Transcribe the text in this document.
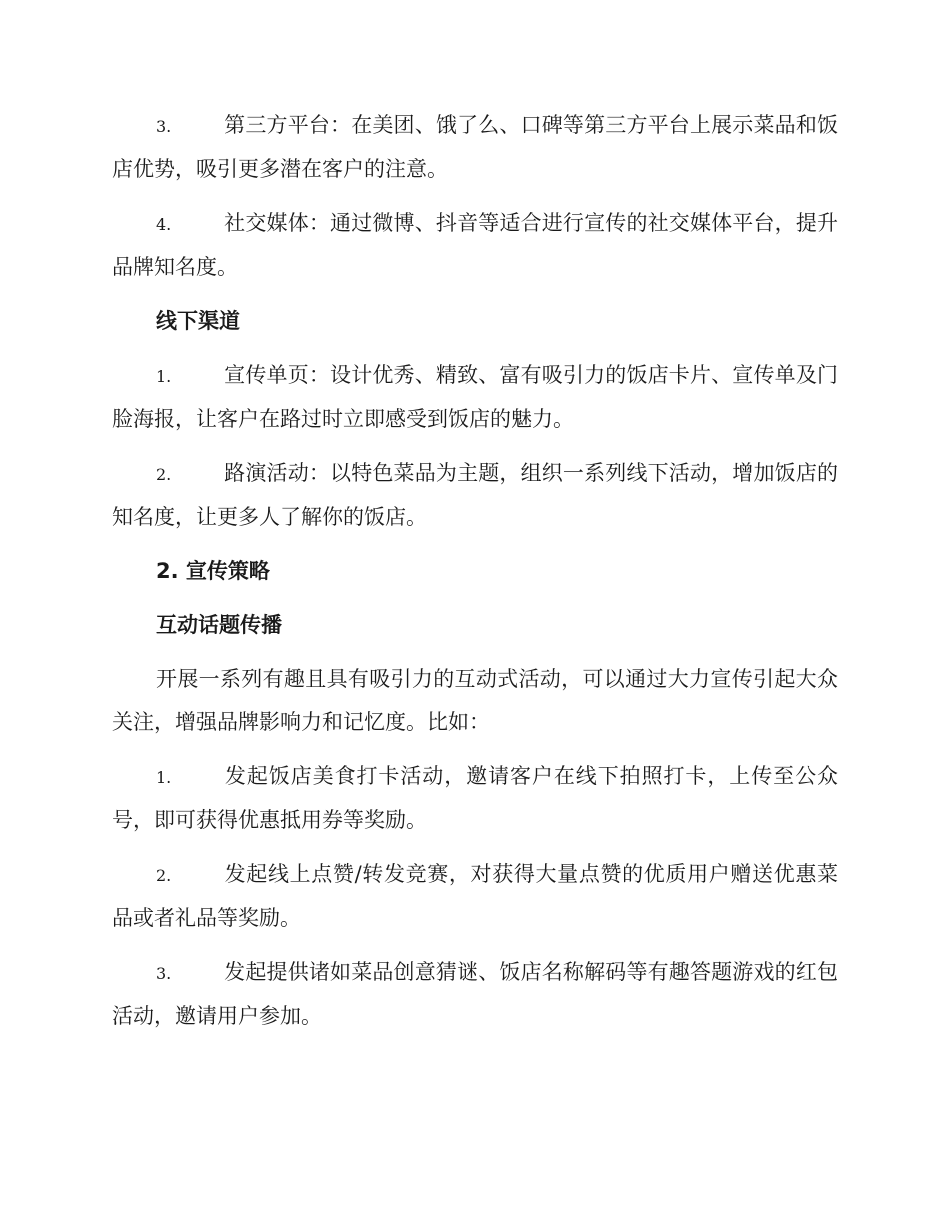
3.	第三方平台：在美团、饿了么、口碑等第三方平台上展示菜品和饭店优势，吸引更多潜在客户的注意。
4.	社交媒体：通过微博、抖音等适合进行宣传的社交媒体平台，提升品牌知名度。
线下渠道
1.	宣传单页：设计优秀、精致、富有吸引力的饭店卡片、宣传单及门脸海报，让客户在路过时立即感受到饭店的魅力。
2.	路演活动：以特色菜品为主题，组织一系列线下活动，增加饭店的知名度，让更多人了解你的饭店。
2. 宣传策略
互动话题传播
开展一系列有趣且具有吸引力的互动式活动，可以通过大力宣传引起大众关注，增强品牌影响力和记忆度。比如：
1.	发起饭店美食打卡活动，邀请客户在线下拍照打卡，上传至公众号，即可获得优惠抵用券等奖励。
2.	发起线上点赞/转发竞赛，对获得大量点赞的优质用户赠送优惠菜品或者礼品等奖励。
3.	发起提供诸如菜品创意猜谜、饭店名称解码等有趣答题游戏的红包活动，邀请用户参加。
